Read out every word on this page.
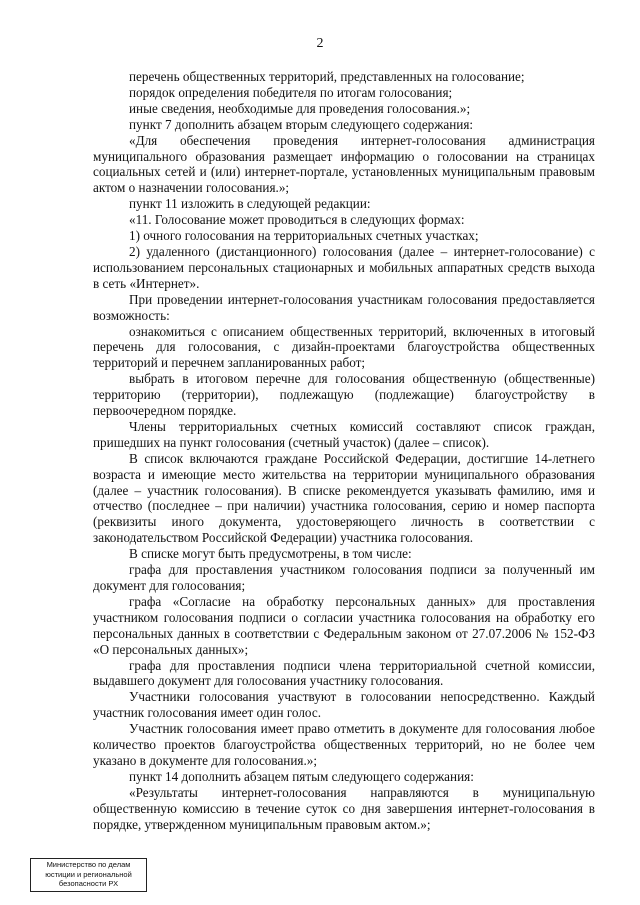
2

перечень общественных территорий, представленных на голосование;

порядок определения победителя по итогам голосования;

иные сведения, необходимые для проведения голосования.»;

пункт 7 дополнить абзацем вторым следующего содержания:

«Для обеспечения проведения интернет-голосования администрация муниципального образования размещает информацию о голосовании на страницах социальных сетей и (или) интернет-портале, установленных муниципальным правовым актом о назначении голосования.»;

пункт 11 изложить в следующей редакции:

«11. Голосование может проводиться в следующих формах:

1) очного голосования на территориальных счетных участках;

2) удаленного (дистанционного) голосования (далее – интернет-голосование) с использованием персональных стационарных и мобильных аппаратных средств выхода в сеть «Интернет».

При проведении интернет-голосования участникам голосования предоставляется возможность:

ознакомиться с описанием общественных территорий, включенных в итоговый перечень для голосования, с дизайн-проектами благоустройства общественных территорий и перечнем запланированных работ;

выбрать в итоговом перечне для голосования общественную (общественные) территорию (территории), подлежащую (подлежащие) благоустройству в первоочередном порядке.

Члены территориальных счетных комиссий составляют список граждан, пришедших на пункт голосования (счетный участок) (далее – список).

В список включаются граждане Российской Федерации, достигшие 14-летнего возраста и имеющие место жительства на территории муниципального образования (далее – участник голосования). В списке рекомендуется указывать фамилию, имя и отчество (последнее – при наличии) участника голосования, серию и номер паспорта (реквизиты иного документа, удостоверяющего личность в соответствии с законодательством Российской Федерации) участника голосования.

В списке могут быть предусмотрены, в том числе:

графа для проставления участником голосования подписи за полученный им документ для голосования;

графа «Согласие на обработку персональных данных» для проставления участником голосования подписи о согласии участника голосования на обработку его персональных данных в соответствии с Федеральным законом от 27.07.2006 № 152-ФЗ «О персональных данных»;

графа для проставления подписи члена территориальной счетной комиссии, выдавшего документ для голосования участнику голосования.

Участники голосования участвуют в голосовании непосредственно. Каждый участник голосования имеет один голос.

Участник голосования имеет право отметить в документе для голосования любое количество проектов благоустройства общественных территорий, но не более чем указано в документе для голосования.»;

пункт 14 дополнить абзацем пятым следующего содержания:

«Результаты интернет-голосования направляются в муниципальную общественную комиссию в течение суток со дня завершения интернет-голосования в порядке, утвержденном муниципальным правовым актом.»;

Министерство по делам
юстиции и региональной
безопасности РХ
